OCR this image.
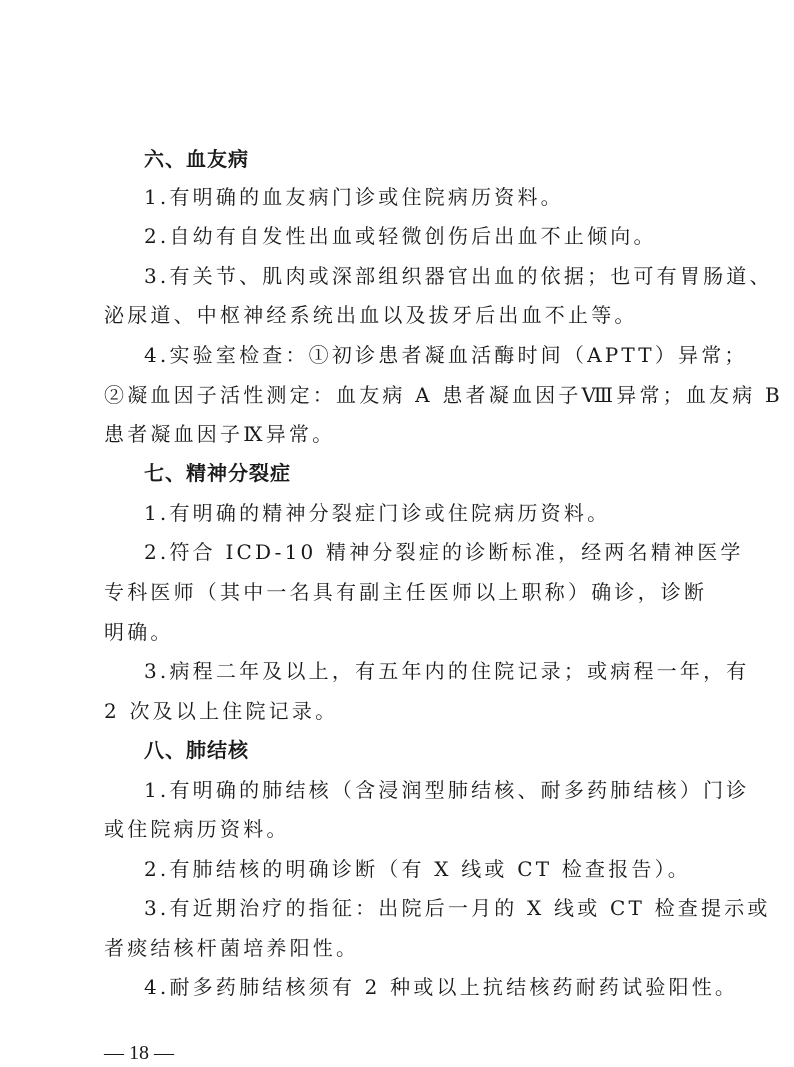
六、血友病
1.有明确的血友病门诊或住院病历资料。
2.自幼有自发性出血或轻微创伤后出血不止倾向。
3.有关节、肌肉或深部组织器官出血的依据；也可有胃肠道、
泌尿道、中枢神经系统出血以及拔牙后出血不止等。
4.实验室检查：①初诊患者凝血活酶时间（APTT）异常；
②凝血因子活性测定：血友病 A 患者凝血因子Ⅷ异常；血友病 B
患者凝血因子Ⅸ异常。
七、精神分裂症
1.有明确的精神分裂症门诊或住院病历资料。
2.符合 ICD-10 精神分裂症的诊断标准，经两名精神医学
专科医师（其中一名具有副主任医师以上职称）确诊，诊断
明确。
3.病程二年及以上，有五年内的住院记录；或病程一年，有
2 次及以上住院记录。
八、肺结核
1.有明确的肺结核（含浸润型肺结核、耐多药肺结核）门诊
或住院病历资料。
2.有肺结核的明确诊断（有 X 线或 CT 检查报告）。
3.有近期治疗的指征：出院后一月的 X 线或 CT 检查提示或
者痰结核杆菌培养阳性。
4.耐多药肺结核须有 2 种或以上抗结核药耐药试验阳性。
— 18 —
